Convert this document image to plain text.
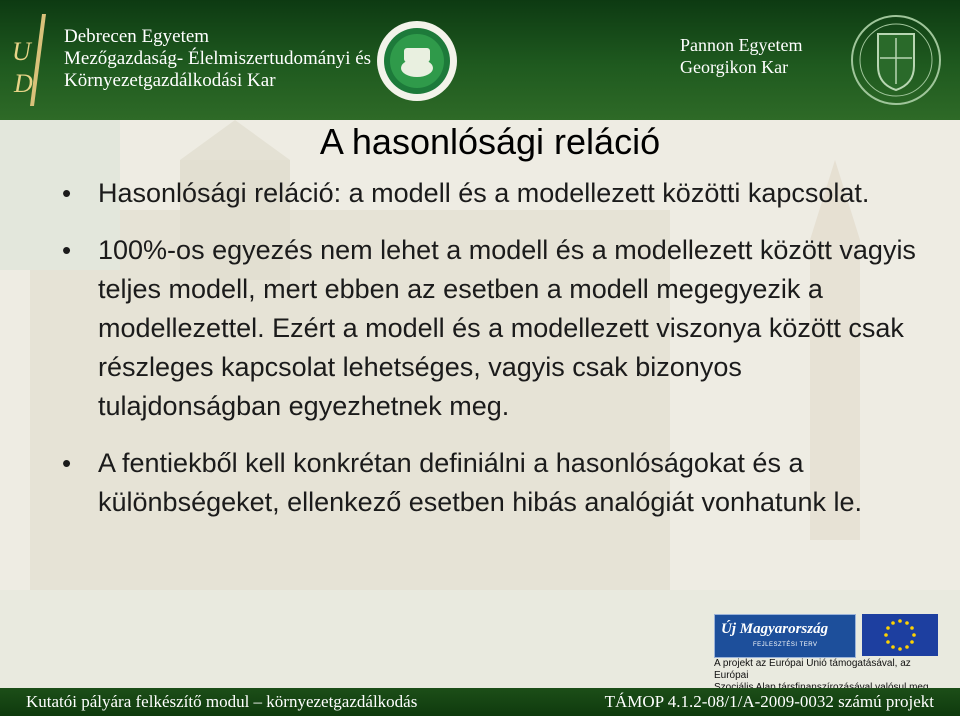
U
D
Debrecen Egyetem
Mezőgazdaság- Élelmiszertudományi és
Környezetgazdálkodási Kar
Pannon Egyetem
Georgikon Kar
A hasonlósági reláció
• Hasonlósági reláció: a modell és a modellezett közötti kapcsolat.
• 100%-os egyezés nem lehet a modell és a modellezett között vagyis teljes modell, mert ebben az esetben a modell megegyezik a modellezettel. Ezért a modell és a modellezett viszonya között csak részleges kapcsolat lehetséges, vagyis csak bizonyos tulajdonságban egyezhetnek meg.
• A fentiekből kell konkrétan definiálni a hasonlóságokat és a különbségeket, ellenkező esetben hibás analógiát vonhatunk le.
Új Magyarország
FEJLESZTÉSI TERV
A projekt az Európai Unió támogatásával, az Európai
Kutatói pályára felkészítő modul – környezetgazdálkodás	TÁMOP 4.1.2-08/1/A-2009-0032 számú projekt
